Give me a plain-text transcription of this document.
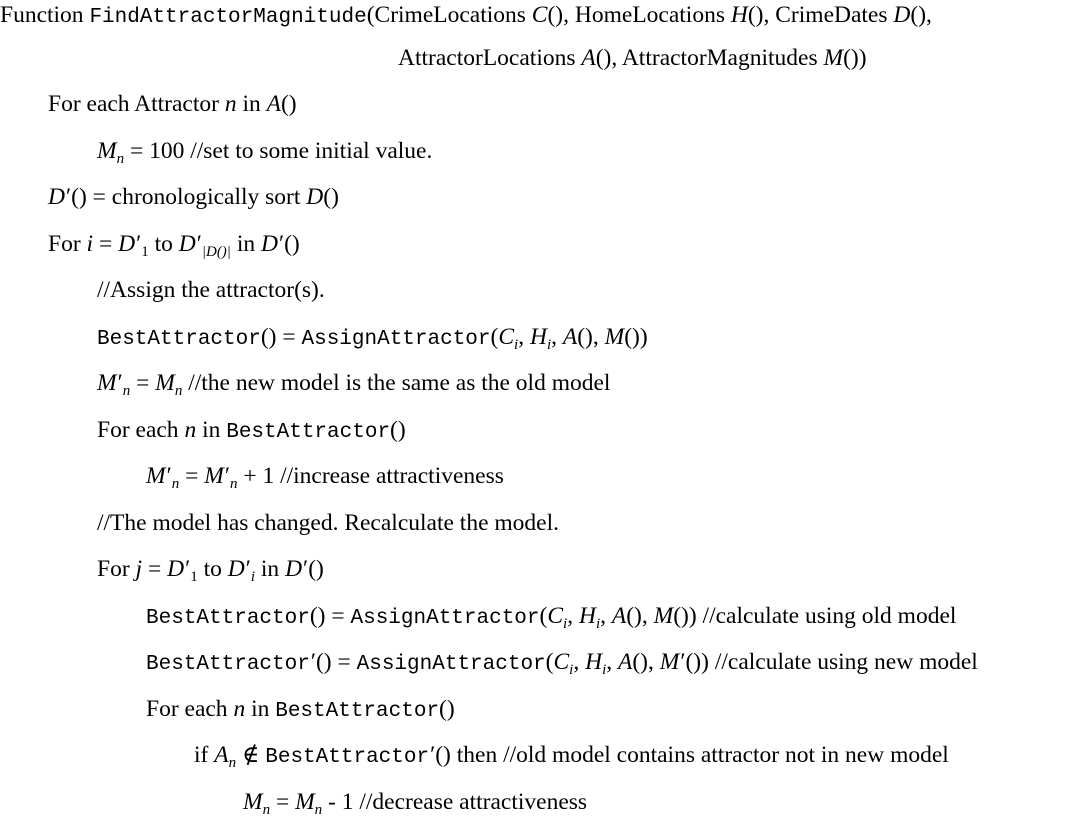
Function FindAttractorMagnitude(CrimeLocations C(), HomeLocations H(), CrimeDates D(),
AttractorLocations A(), AttractorMagnitudes M())
For each Attractor n in A()
$M_n = 100$ //set to some initial value.
D′() = chronologically sort D()
For $i = D'_1$ to $D'_{|D()|}$ in D′()
//Assign the attractor(s).
BestAttractor() = $AssignAttractor(C_i$, $H_i$, A(), M())
$M'_n = M_n$ //the new model is the same as the old model
For each n in BestAttractor()
$M'_n = M'_n + 1$ //increase attractiveness
//The model has changed. Recalculate the model.
For $j = D'_1$ to $D'_i$ in D′()
BestAttractor() = $AssignAttractor(C_i$, $H_i$, A(), M()) //calculate using old model
BestAttractor′() = $AssignAttractor(C_i$, $H_i$, A(), M′()) //calculate using new model
For each n in BestAttractor()
if $A_n$ ∉ BestAttractor′() then //old model contains attractor not in new model
$M_n = M_n - 1$ //decrease attractiveness
